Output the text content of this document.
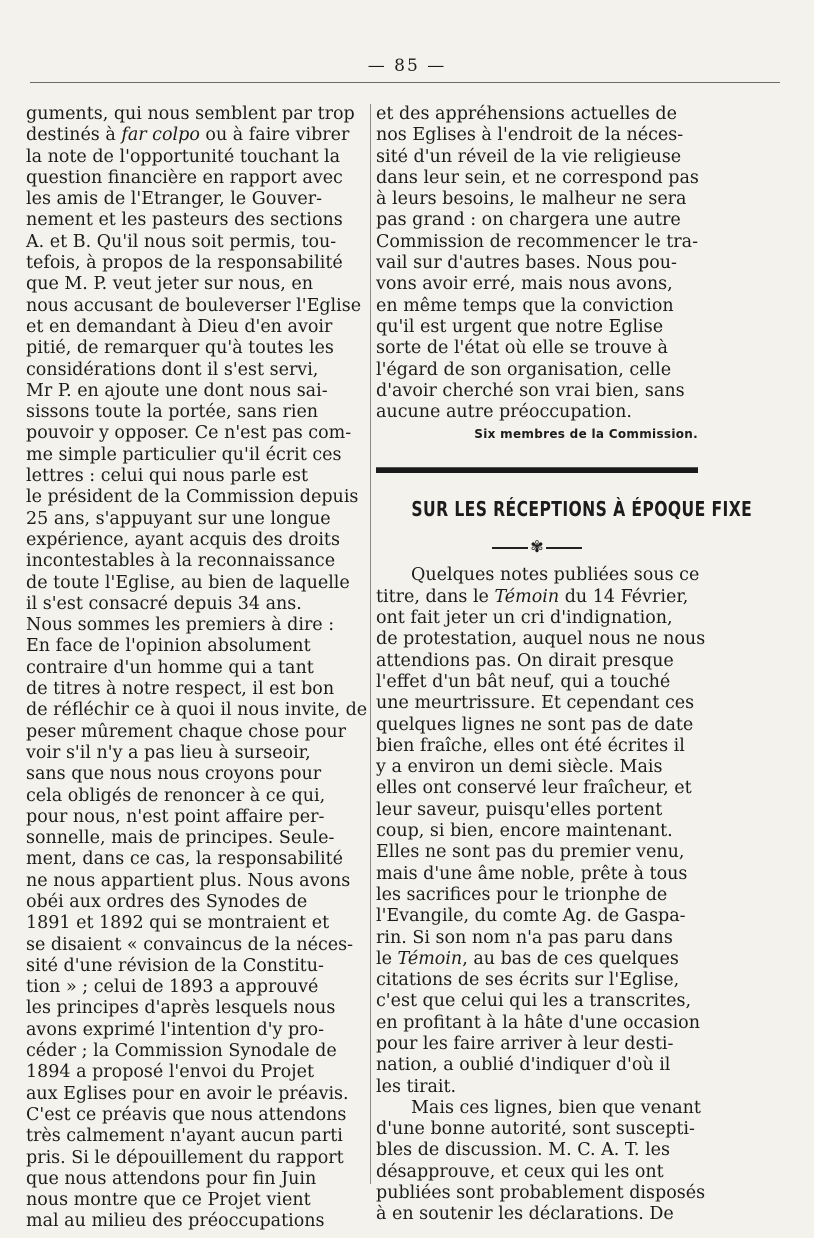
— 85 —
guments, qui nous semblent par trop
destinés à far colpo ou à faire vibrer
la note de l'opportunité touchant la
question financière en rapport avec
les amis de l'Etranger, le Gouver-
nement et les pasteurs des sections
A. et B. Qu'il nous soit permis, tou-
tefois, à propos de la responsabilité
que M. P. veut jeter sur nous, en
nous accusant de bouleverser l'Eglise
et en demandant à Dieu d'en avoir
pitié, de remarquer qu'à toutes les
considérations dont il s'est servi,
Mr P. en ajoute une dont nous sai-
sissons toute la portée, sans rien
pouvoir y opposer. Ce n'est pas com-
me simple particulier qu'il écrit ces
lettres : celui qui nous parle est
le président de la Commission depuis
25 ans, s'appuyant sur une longue
expérience, ayant acquis des droits
incontestables à la reconnaissance
de toute l'Eglise, au bien de laquelle
il s'est consacré depuis 34 ans.
Nous sommes les premiers à dire :
En face de l'opinion absolument
contraire d'un homme qui a tant
de titres à notre respect, il est bon
de réfléchir ce à quoi il nous invite, de
peser mûrement chaque chose pour
voir s'il n'y a pas lieu à surseoir,
sans que nous nous croyons pour
cela obligés de renoncer à ce qui,
pour nous, n'est point affaire per-
sonnelle, mais de principes. Seule-
ment, dans ce cas, la responsabilité
ne nous appartient plus. Nous avons
obéi aux ordres des Synodes de
1891 et 1892 qui se montraient et
se disaient « convaincus de la néces-
sité d'une révision de la Constitu-
tion » ; celui de 1893 a approuvé
les principes d'après lesquels nous
avons exprimé l'intention d'y pro-
céder ; la Commission Synodale de
1894 a proposé l'envoi du Projet
aux Eglises pour en avoir le préavis.
C'est ce préavis que nous attendons
très calmement n'ayant aucun parti
pris. Si le dépouillement du rapport
que nous attendons pour fin Juin
nous montre que ce Projet vient
mal au milieu des préoccupations
et des appréhensions actuelles de
nos Eglises à l'endroit de la néces-
sité d'un réveil de la vie religieuse
dans leur sein, et ne correspond pas
à leurs besoins, le malheur ne sera
pas grand : on chargera une autre
Commission de recommencer le tra-
vail sur d'autres bases. Nous pou-
vons avoir erré, mais nous avons,
en même temps que la conviction
qu'il est urgent que notre Eglise
sorte de l'état où elle se trouve à
l'égard de son organisation, celle
d'avoir cherché son vrai bien, sans
aucune autre préoccupation.
Six membres de la Commission.
SUR LES RÉCEPTIONS À ÉPOQUE FIXE
✾
  Quelques notes publiées sous ce
titre, dans le Témoin du 14 Février,
ont fait jeter un cri d'indignation,
de protestation, auquel nous ne nous
attendions pas. On dirait presque
l'effet d'un bât neuf, qui a touché
une meurtrissure. Et cependant ces
quelques lignes ne sont pas de date
bien fraîche, elles ont été écrites il
y a environ un demi siècle. Mais
elles ont conservé leur fraîcheur, et
leur saveur, puisqu'elles portent
coup, si bien, encore maintenant.
Elles ne sont pas du premier venu,
mais d'une âme noble, prête à tous
les sacrifices pour le trionphe de
l'Evangile, du comte Ag. de Gaspa-
rin. Si son nom n'a pas paru dans
le Témoin, au bas de ces quelques
citations de ses écrits sur l'Eglise,
c'est que celui qui les a transcrites,
en profitant à la hâte d'une occasion
pour les faire arriver à leur desti-
nation, a oublié d'indiquer d'où il
les tirait.
  Mais ces lignes, bien que venant
d'une bonne autorité, sont suscepti-
bles de discussion. M. C. A. T. les
désapprouve, et ceux qui les ont
publiées sont probablement disposés
à en soutenir les déclarations. De
